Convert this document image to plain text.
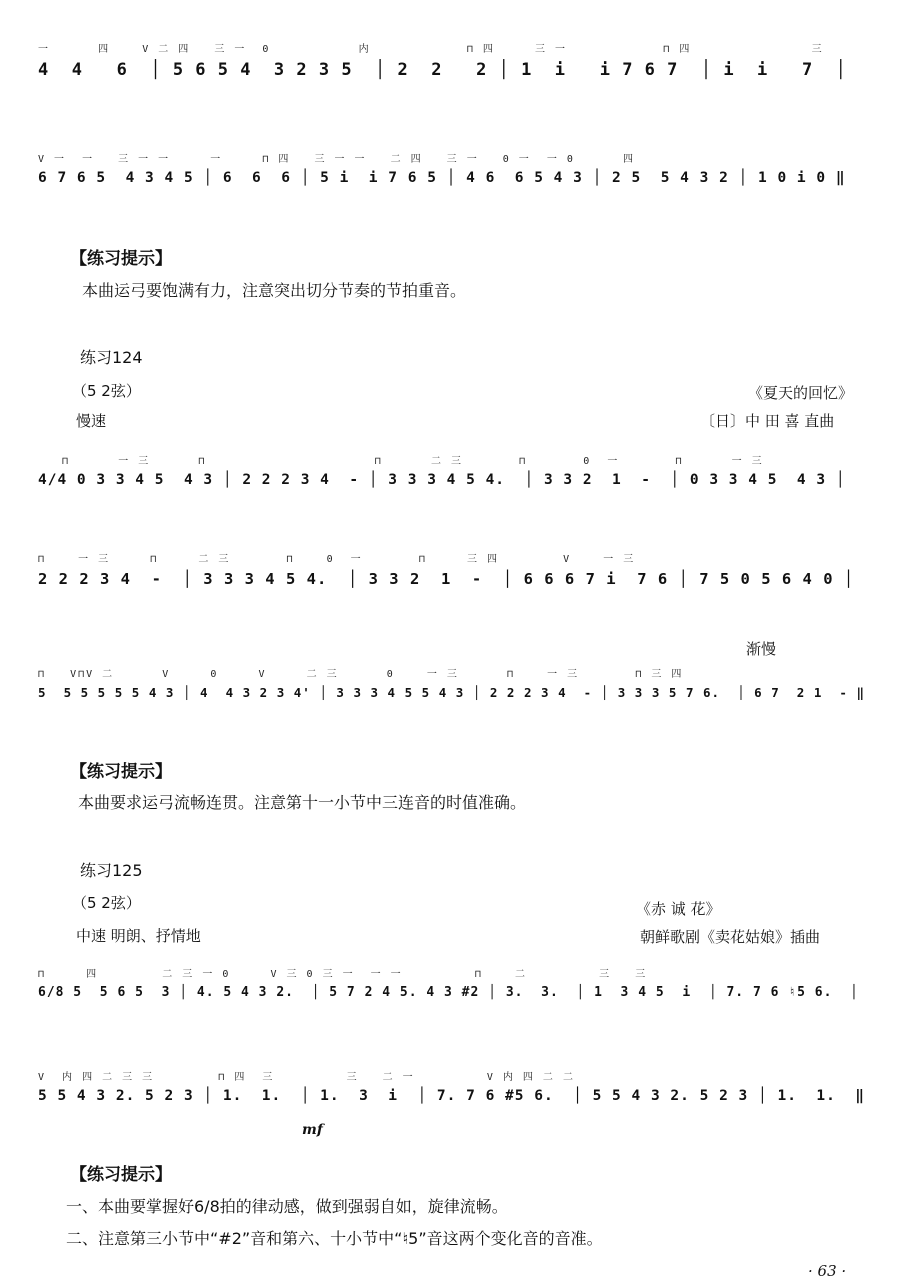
一      四    V 二 四   三 一  0           内            ⊓ 四     三 一            ⊓ 四               三
4  4   6  │ 5 6 5 4  3 2 3 5  │ 2  2   2 │ 1  i   i 7 6 7  │ i  i   7  │
V 一  一   三 一 一     一     ⊓ 四   三 一 一   二 四   三 一   0 一  一 0      四
6 7 6 5  4 3 4 5 │ 6  6  6 │ 5 i  i 7 6 5 │ 4 6  6 5 4 3 │ 2 5  5 4 3 2 │ 1 0 i 0 ‖
【练习提示】
本曲运弓要饱满有力，注意突出切分节奏的节拍重音。
练习124
（5 2弦）
慢速
《夏天的回忆》
〔日〕中 田 喜 直曲
⊓      一 三      ⊓                     ⊓      二 三       ⊓       0  一       ⊓      一 三
4/4 0 3 3 4 5  4 3 │ 2 2 2 3 4  - │ 3 3 3 4 5 4.  │ 3 3 2  1  -  │ 0 3 3 4 5  4 3 │
⊓    一 三     ⊓     二 三       ⊓    0  一       ⊓     三 四        V    一 三
2 2 2 3 4  -  │ 3 3 3 4 5 4.  │ 3 3 2  1  -  │ 6 6 6 7 i  7 6 │ 7 5 0 5 6 4 0 │
渐慢
⊓   V⊓V 二      V     0     V     二 三      0    一 三      ⊓    一 三       ⊓ 三 四
5  5 5 5 5 5 4 3 │ 4  4 3 2 3 4' │ 3 3 3 4 5 5 4 3 │ 2 2 2 3 4  - │ 3 3 3 5 7 6.  │ 6 7  2 1  - ‖
【练习提示】
本曲要求运弓流畅连贯。注意第十一小节中三连音的时值准确。
练习125
（5 2弦）
中速 明朗、抒情地
《赤 诚 花》
朝鲜歌剧《卖花姑娘》插曲
⊓     四        二 三 一 0     V 三 0 三 一  一 一         ⊓    二         三   三
6/8 5  5 6 5  3 │ 4. 5 4 3 2.  │ 5 7 2 4 5. 4 3 #2 │ 3.  3.  │ 1  3 4 5  i  │ 7. 7 6 ♮5 6.  │
V  内 四 二 三 三        ⊓ 四  三         三   二 一         V 内 四 二 二
5 5 4 3 2. 5 2 3 │ 1.  1.  │ 1.  3  i  │ 7. 7 6 #5 6.  │ 5 5 4 3 2. 5 2 3 │ 1.  1.  ‖
mf
【练习提示】
一、本曲要掌握好6/8拍的律动感，做到强弱自如，旋律流畅。
二、注意第三小节中“#2”音和第六、十小节中“♮5”音这两个变化音的音准。
· 63 ·
